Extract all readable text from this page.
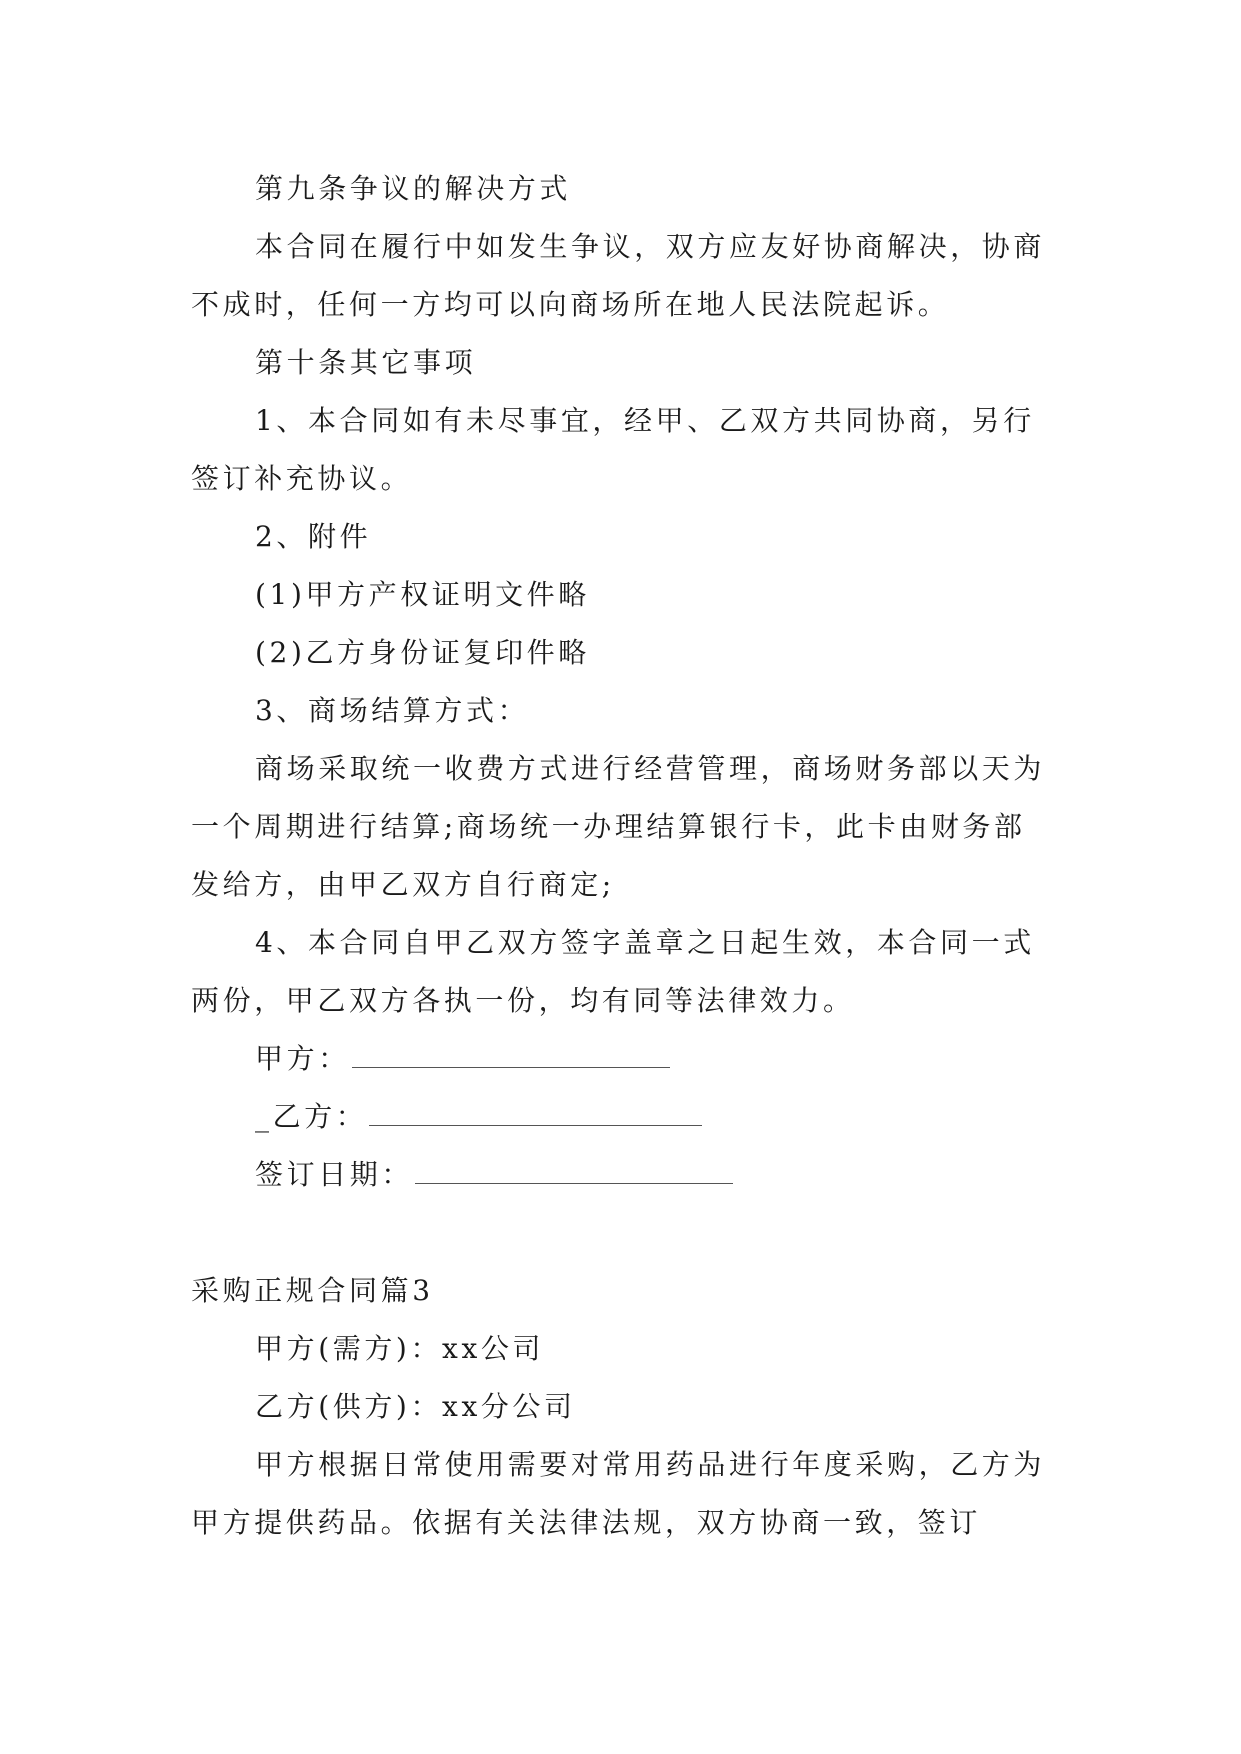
第九条争议的解决方式

本合同在履行中如发生争议，双方应友好协商解决，协商不成时，任何一方均可以向商场所在地人民法院起诉。

第十条其它事项

1、本合同如有未尽事宜，经甲、乙双方共同协商，另行签订补充协议。

2、附件

(1)甲方产权证明文件略

(2)乙方身份证复印件略

3、商场结算方式：

商场采取统一收费方式进行经营管理，商场财务部以天为一个周期进行结算;商场统一办理结算银行卡，此卡由财务部发给方，由甲乙双方自行商定;

4、本合同自甲乙双方签字盖章之日起生效，本合同一式两份，甲乙双方各执一份，均有同等法律效力。

甲方：

_乙方：

签订日期：

采购正规合同篇3

甲方(需方)：xx公司

乙方(供方)：xx分公司

甲方根据日常使用需要对常用药品进行年度采购，乙方为甲方提供药品。依据有关法律法规，双方协商一致，签订
